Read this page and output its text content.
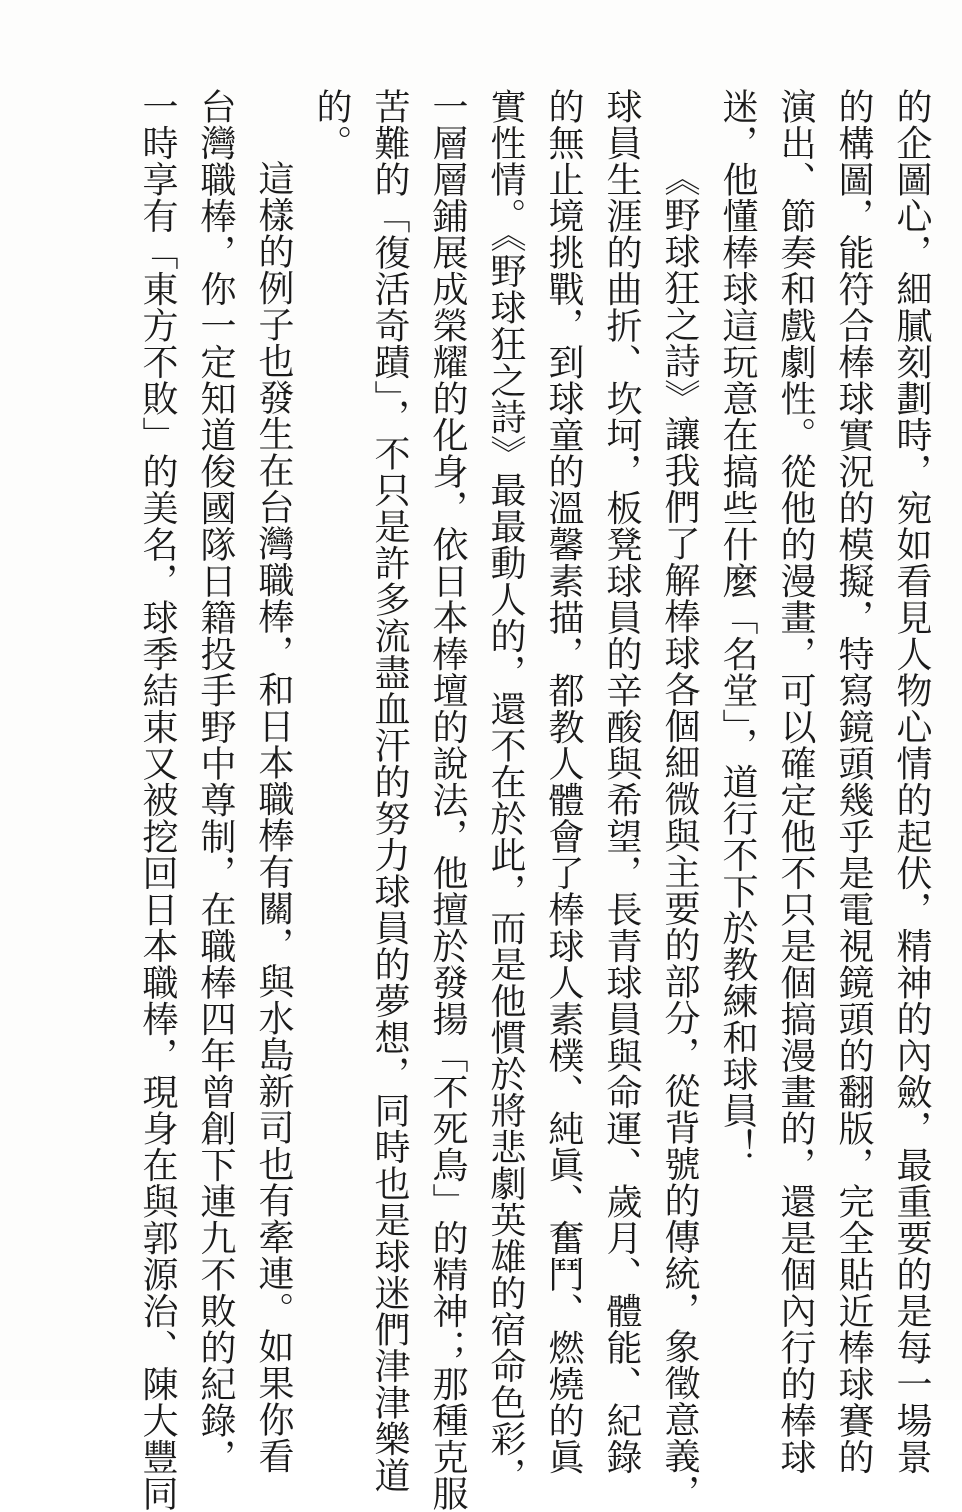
的企圖心，細膩刻劃時，宛如看見人物心情的起伏，精神的內斂，最重要的是每一場景
的構圖，能符合棒球實況的模擬，特寫鏡頭幾乎是電視鏡頭的翻版，完全貼近棒球賽的
演出、節奏和戲劇性。從他的漫畫，可以確定他不只是個搞漫畫的，還是個內行的棒球
迷，他懂棒球這玩意在搞些什麼「名堂」，道行不下於教練和球員！
《野球狂之詩》讓我們了解棒球各個細微與主要的部分，從背號的傳統，象徵意義，
球員生涯的曲折、坎坷，板凳球員的辛酸與希望，長青球員與命運、歲月、體能、紀錄
的無止境挑戰，到球童的溫馨素描，都教人體會了棒球人素樸、純眞、奮鬥、燃燒的眞
實性情。《野球狂之詩》最最動人的，還不在於此，而是他慣於將悲劇英雄的宿命色彩，
一層層鋪展成榮耀的化身，依日本棒壇的說法，他擅於發揚「不死鳥」的精神；那種克服
苦難的「復活奇蹟」，不只是許多流盡血汗的努力球員的夢想，同時也是球迷們津津樂道
的。
這樣的例子也發生在台灣職棒，和日本職棒有關，與水島新司也有牽連。如果你看
台灣職棒，你一定知道俊國隊日籍投手野中尊制，在職棒四年曾創下連九不敗的紀錄，
一時享有「東方不敗」的美名，球季結束又被挖回日本職棒，現身在與郭源治、陳大豐同
